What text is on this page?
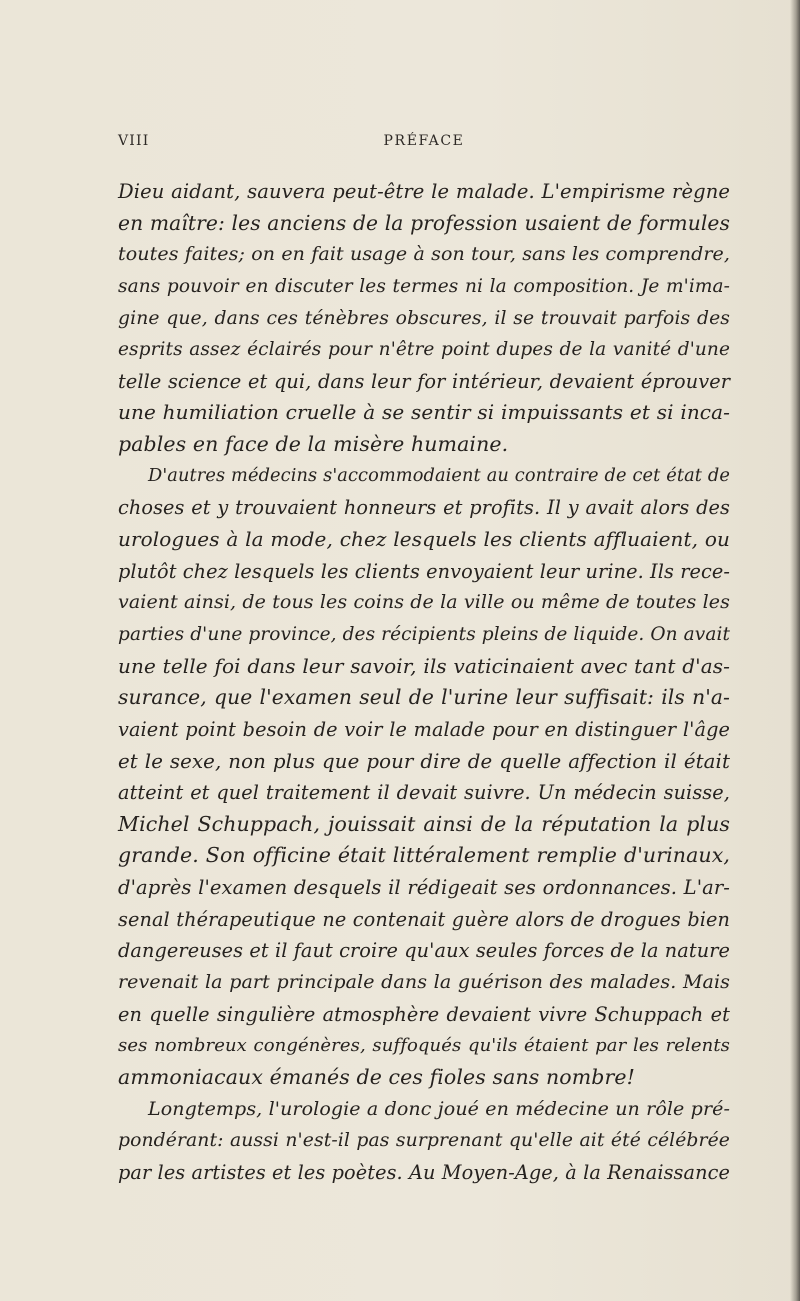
VIII	PRÉFACE
Dieu aidant, sauvera peut-être le malade. L'empirisme règne
en maître: les anciens de la profession usaient de formules
toutes faites; on en fait usage à son tour, sans les comprendre,
sans pouvoir en discuter les termes ni la composition. Je m'ima-
gine que, dans ces ténèbres obscures, il se trouvait parfois des
esprits assez éclairés pour n'être point dupes de la vanité d'une
telle science et qui, dans leur for intérieur, devaient éprouver
une humiliation cruelle à se sentir si impuissants et si inca-
pables en face de la misère humaine.
D'autres médecins s'accommodaient au contraire de cet état de
choses et y trouvaient honneurs et profits. Il y avait alors des
urologues à la mode, chez lesquels les clients affluaient, ou
plutôt chez lesquels les clients envoyaient leur urine. Ils rece-
vaient ainsi, de tous les coins de la ville ou même de toutes les
parties d'une province, des récipients pleins de liquide. On avait
une telle foi dans leur savoir, ils vaticinaient avec tant d'as-
surance, que l'examen seul de l'urine leur suffisait: ils n'a-
vaient point besoin de voir le malade pour en distinguer l'âge
et le sexe, non plus que pour dire de quelle affection il était
atteint et quel traitement il devait suivre. Un médecin suisse,
Michel Schuppach, jouissait ainsi de la réputation la plus
grande. Son officine était littéralement remplie d'urinaux,
d'après l'examen desquels il rédigeait ses ordonnances. L'ar-
senal thérapeutique ne contenait guère alors de drogues bien
dangereuses et il faut croire qu'aux seules forces de la nature
revenait la part principale dans la guérison des malades. Mais
en quelle singulière atmosphère devaient vivre Schuppach et
ses nombreux congénères, suffoqués qu'ils étaient par les relents
ammoniacaux émanés de ces fioles sans nombre!
Longtemps, l'urologie a donc joué en médecine un rôle pré-
pondérant: aussi n'est-il pas surprenant qu'elle ait été célébrée
par les artistes et les poètes. Au Moyen-Age, à la Renaissance
